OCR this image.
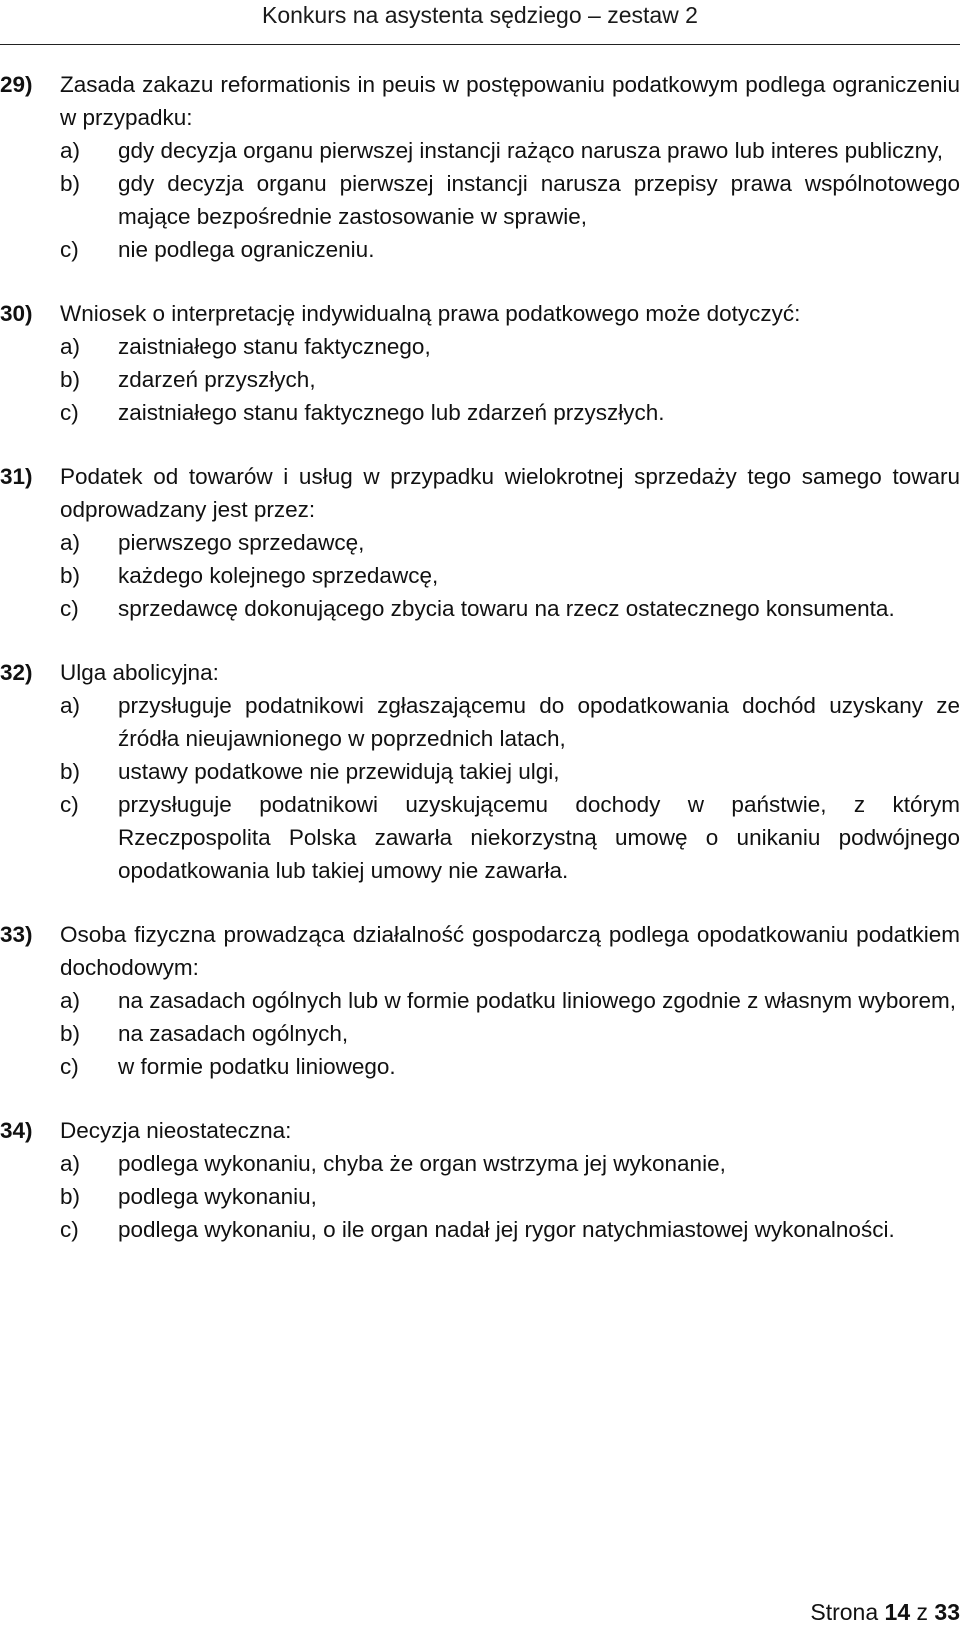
Konkurs na asystenta sędziego – zestaw 2
29) Zasada zakazu reformationis in peuis w postępowaniu podatkowym podlega ograniczeniu w przypadku:
a) gdy decyzja organu pierwszej instancji rażąco narusza prawo lub interes publiczny,
b) gdy decyzja organu pierwszej instancji narusza przepisy prawa wspólnotowego mające bezpośrednie zastosowanie w sprawie,
c) nie podlega ograniczeniu.
30) Wniosek o interpretację indywidualną prawa podatkowego może dotyczyć:
a) zaistniałego stanu faktycznego,
b) zdarzeń przyszłych,
c) zaistniałego stanu faktycznego lub zdarzeń przyszłych.
31) Podatek od towarów i usług w przypadku wielokrotnej sprzedaży tego samego towaru odprowadzany jest przez:
a) pierwszego sprzedawcę,
b) każdego kolejnego sprzedawcę,
c) sprzedawcę dokonującego zbycia towaru na rzecz ostatecznego konsumenta.
32) Ulga abolicyjna:
a) przysługuje podatnikowi zgłaszającemu do opodatkowania dochód uzyskany ze źródła nieujawnionego w poprzednich latach,
b) ustawy podatkowe nie przewidują takiej ulgi,
c) przysługuje podatnikowi uzyskującemu dochody w państwie, z którym Rzeczpospolita Polska zawarła niekorzystną umowę o unikaniu podwójnego opodatkowania lub takiej umowy nie zawarła.
33) Osoba fizyczna prowadząca działalność gospodarczą podlega opodatkowaniu podatkiem dochodowym:
a) na zasadach ogólnych lub w formie podatku liniowego zgodnie z własnym wyborem,
b) na zasadach ogólnych,
c) w formie podatku liniowego.
34) Decyzja nieostateczna:
a) podlega wykonaniu, chyba że organ wstrzyma jej wykonanie,
b) podlega wykonaniu,
c) podlega wykonaniu, o ile organ nadał jej rygor natychmiastowej wykonalności.
Strona 14 z 33
